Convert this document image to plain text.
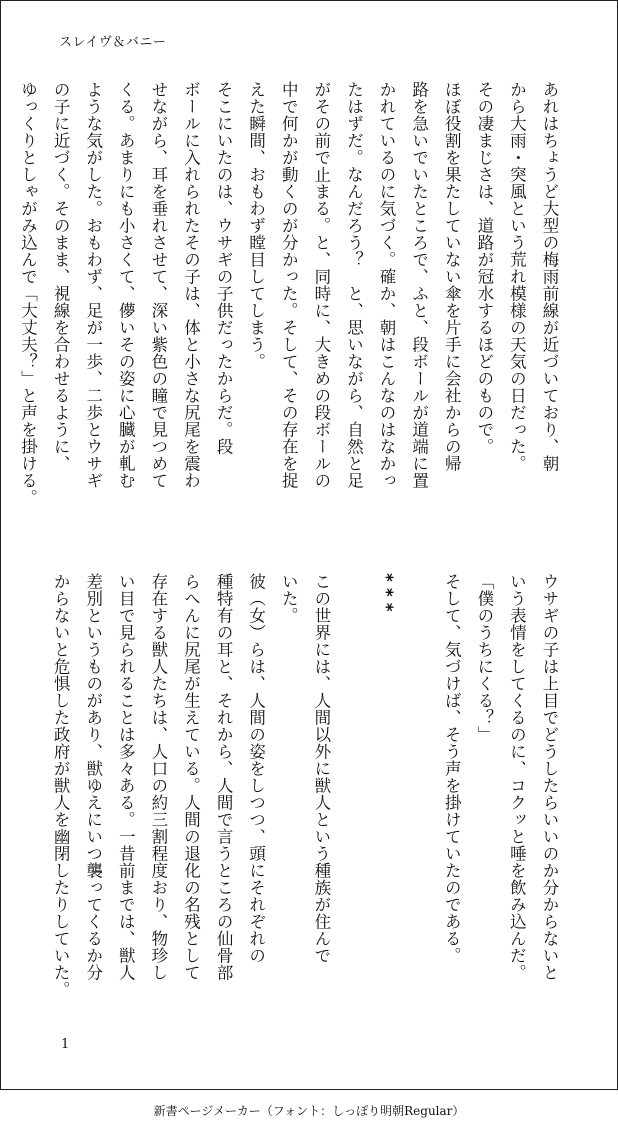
スレイヴ＆バニー
あれはちょうど大型の梅雨前線が近づいており、朝
から大雨・突風という荒れ模様の天気の日だった。
その凄まじさは、道路が冠水するほどのもので。
ほぼ役割を果たしていない傘を片手に会社からの帰
路を急いでいたところで、ふと、段ボールが道端に置
かれているのに気づく。確か、朝はこんなのはなかっ
たはずだ。なんだろう？　と、思いながら、自然と足
がその前で止まる。と、同時に、大きめの段ボールの
中で何かが動くのが分かった。そして、その存在を捉
えた瞬間、おもわず瞠目してしまう。
そこにいたのは、ウサギの子供だったからだ。段
ボールに入れられたその子は、体と小さな尻尾を震わ
せながら、耳を垂れさせて、深い紫色の瞳で見つめて
くる。あまりにも小さくて、儚いその姿に心臓が軋む
ような気がした。おもわず、足が一歩、二歩とウサギ
の子に近づく。そのまま、視線を合わせるように、
ゆっくりとしゃがみ込んで「大丈夫？」と声を掛ける。
ウサギの子は上目でどうしたらいいのか分からないと
いう表情をしてくるのに、コクッと唾を飲み込んだ。
「僕のうちにくる？」
そして、気づけば、そう声を掛けていたのである。
***
この世界には、人間以外に獣人という種族が住んで
いた。
彼（女）らは、人間の姿をしつつ、頭にそれぞれの
種特有の耳と、それから、人間で言うところの仙骨部
らへんに尻尾が生えている。人間の退化の名残として
存在する獣人たちは、人口の約三割程度おり、物珍し
い目で見られることは多々ある。一昔前までは、獣人
差別というものがあり、獣ゆえにいつ襲ってくるか分
からないと危惧した政府が獣人を幽閉したりしていた。
1
新書ページメーカー（フォント：しっぽり明朝Regular）
